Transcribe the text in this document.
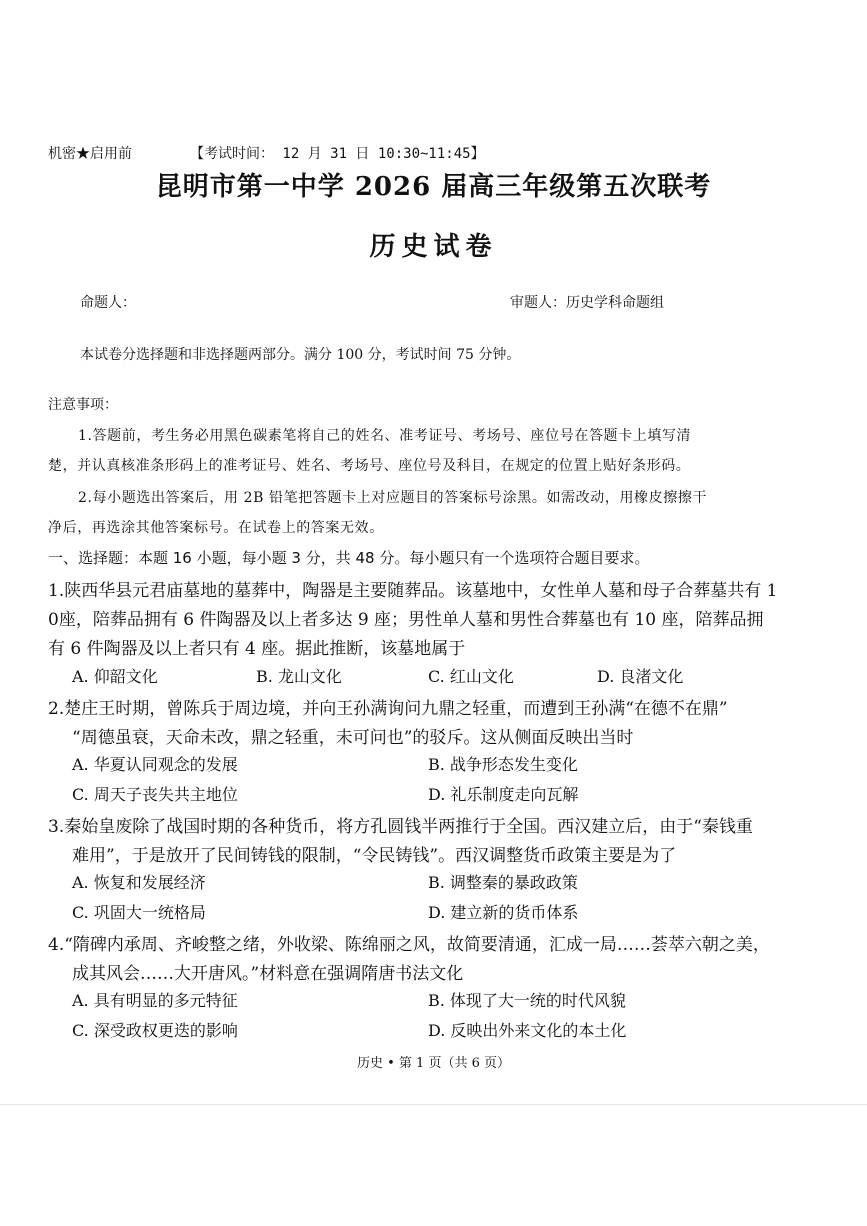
机密★启用前	【考试时间： 12 月 31 日 10:30~11:45】
昆明市第一中学 2026 届高三年级第五次联考
历史试卷
命题人：	审题人：历史学科命题组
本试卷分选择题和非选择题两部分。满分 100 分，考试时间 75 分钟。
注意事项：
1.答题前，考生务必用黑色碳素笔将自己的姓名、准考证号、考场号、座位号在答题卡上填写清
楚，并认真核准条形码上的准考证号、姓名、考场号、座位号及科目，在规定的位置上贴好条形码。
2.每小题选出答案后，用 2B 铅笔把答题卡上对应题目的答案标号涂黑。如需改动，用橡皮擦擦干
净后，再选涂其他答案标号。在试卷上的答案无效。
一、选择题：本题 16 小题，每小题 3 分，共 48 分。每小题只有一个选项符合题目要求。
1.陕西华县元君庙墓地的墓葬中，陶器是主要随葬品。该墓地中，女性单人墓和母子合葬墓共有 1
0座，陪葬品拥有 6 件陶器及以上者多达 9 座；男性单人墓和男性合葬墓也有 10 座，陪葬品拥
有 6 件陶器及以上者只有 4 座。据此推断，该墓地属于
A. 仰韶文化	B. 龙山文化	C. 红山文化	D. 良渚文化
2.楚庄王时期，曾陈兵于周边境，并向王孙满询问九鼎之轻重，而遭到王孙满“在德不在鼎”
“周德虽衰，天命未改，鼎之轻重，未可问也”的驳斥。这从侧面反映出当时
A. 华夏认同观念的发展	B. 战争形态发生变化
C. 周天子丧失共主地位	D. 礼乐制度走向瓦解
3.秦始皇废除了战国时期的各种货币，将方孔圆钱半两推行于全国。西汉建立后，由于“秦钱重
难用”，于是放开了民间铸钱的限制，“令民铸钱”。西汉调整货币政策主要是为了
A. 恢复和发展经济	B. 调整秦的暴政政策
C. 巩固大一统格局	D. 建立新的货币体系
4.“隋碑内承周、齐峻整之绪，外收梁、陈绵丽之风，故简要清通，汇成一局……荟萃六朝之美，
成其风会……大开唐风。”材料意在强调隋唐书法文化
A. 具有明显的多元特征	B. 体现了大一统的时代风貌
C. 深受政权更迭的影响	D. 反映出外来文化的本土化
历史 • 第 1 页（共 6 页）
